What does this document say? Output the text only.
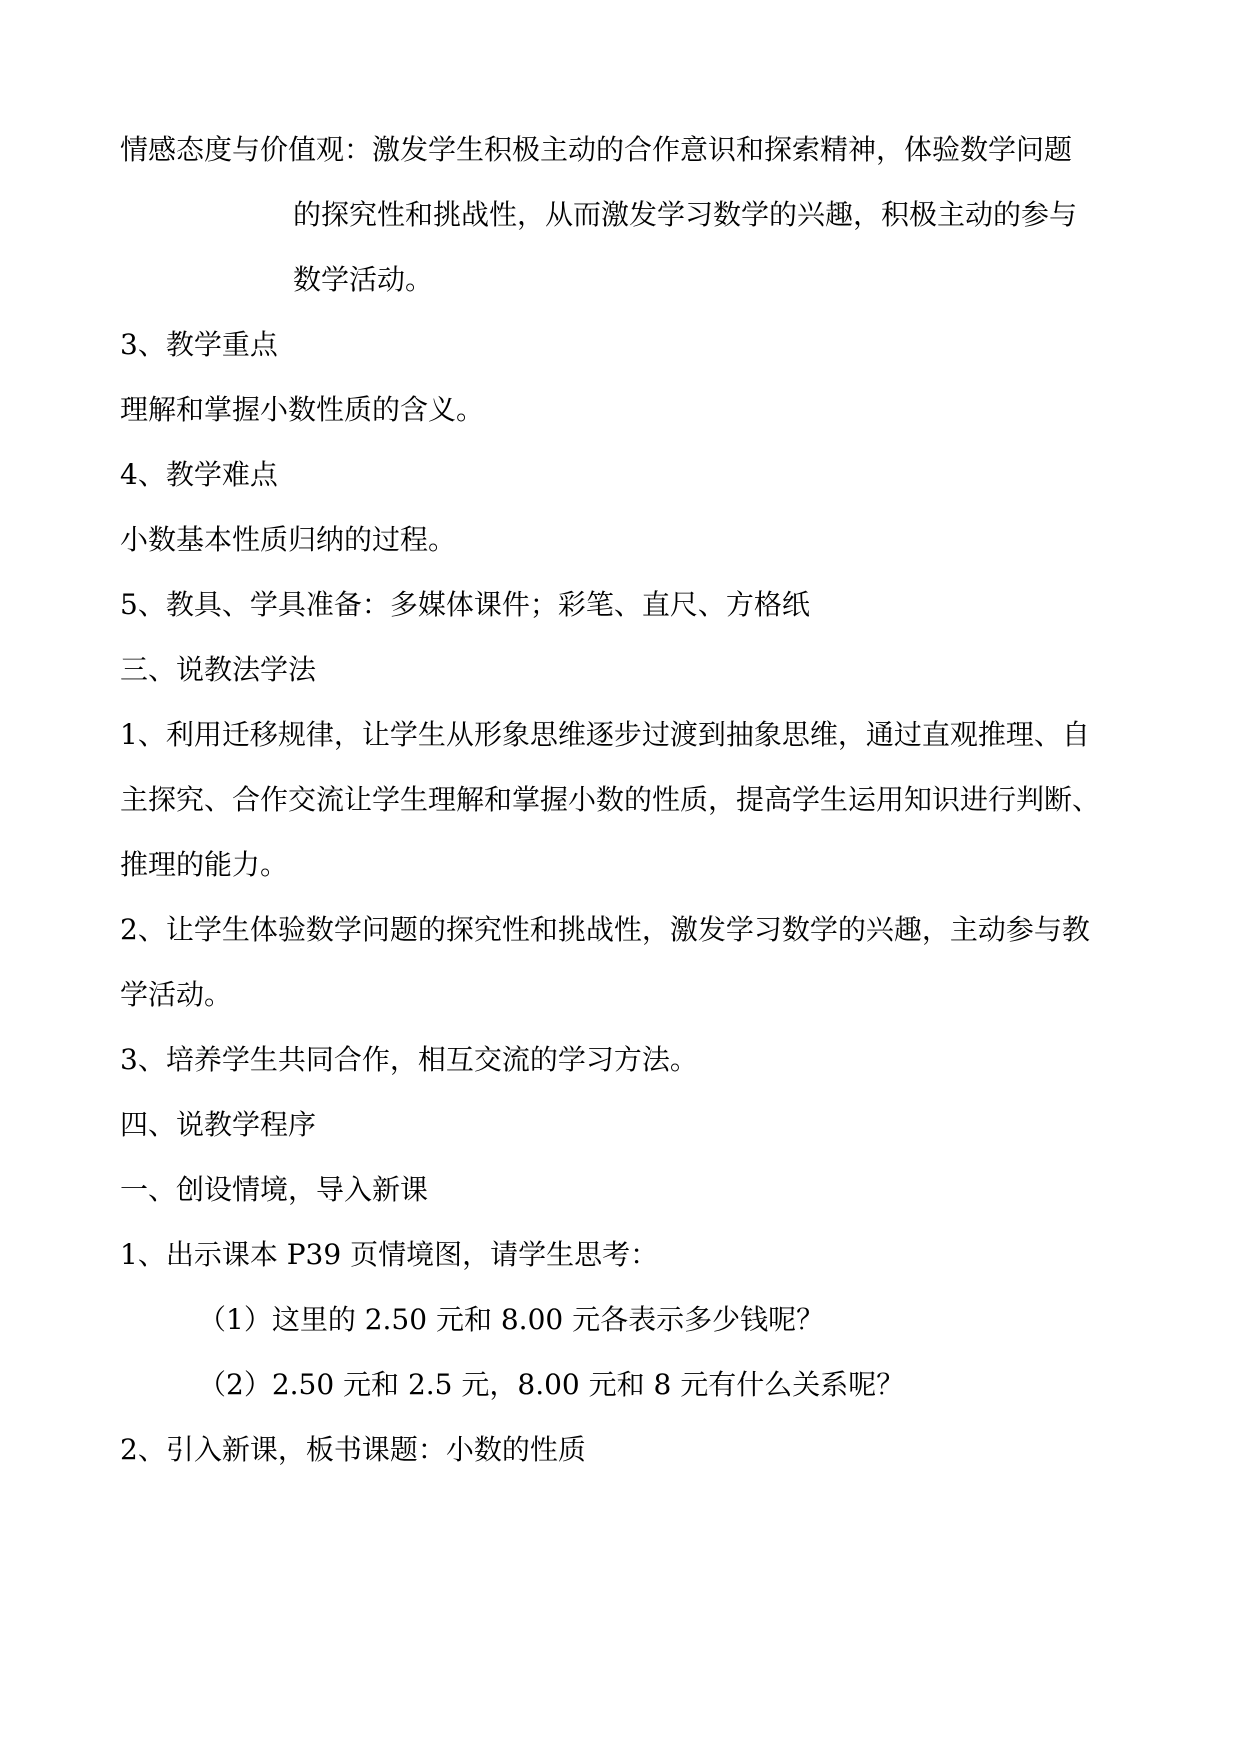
情感态度与价值观：激发学生积极主动的合作意识和探索精神，体验数学问题
的探究性和挑战性，从而激发学习数学的兴趣，积极主动的参与
数学活动。
3、教学重点
理解和掌握小数性质的含义。
4、教学难点
小数基本性质归纳的过程。
5、教具、学具准备：多媒体课件；彩笔、直尺、方格纸
三、说教法学法
1、利用迁移规律，让学生从形象思维逐步过渡到抽象思维，通过直观推理、自
主探究、合作交流让学生理解和掌握小数的性质，提高学生运用知识进行判断、
推理的能力。
2、让学生体验数学问题的探究性和挑战性，激发学习数学的兴趣，主动参与教
学活动。
3、培养学生共同合作，相互交流的学习方法。
四、说教学程序
一、创设情境，导入新课
1、出示课本 P39 页情境图，请学生思考：
（1）这里的 2.50 元和 8.00 元各表示多少钱呢？
（2）2.50 元和 2.5 元，8.00 元和 8 元有什么关系呢？
2、引入新课，板书课题：小数的性质
